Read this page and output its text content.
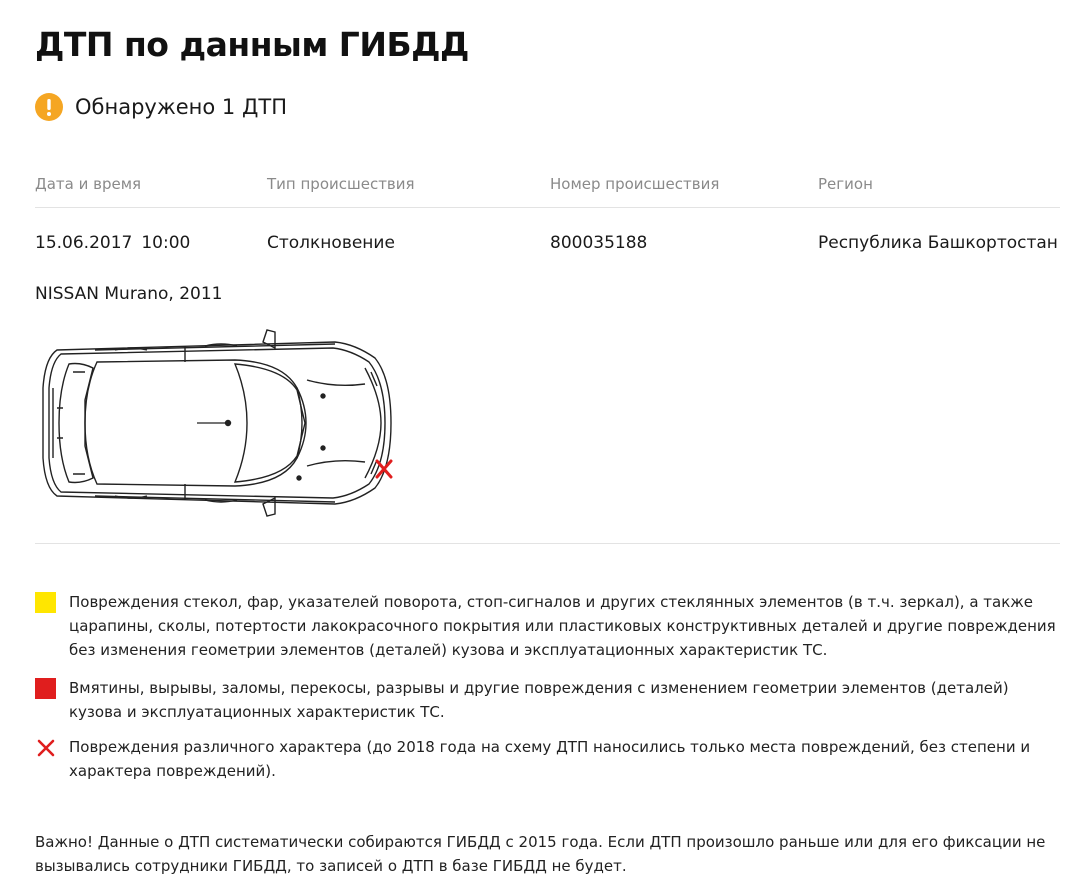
ДТП по данным ГИБДД
Обнаружено 1 ДТП
Дата и время	Тип происшествия	Номер происшествия	Регион
15.06.2017 10:00	Столкновение	800035188	Республика Башкортостан
NISSAN Murano, 2011
Повреждения стекол, фар, указателей поворота, стоп-сигналов и других стеклянных элементов (в т.ч. зеркал), а также царапины, сколы, потертости лакокрасочного покрытия или пластиковых конструктивных деталей и другие повреждения без изменения геометрии элементов (деталей) кузова и эксплуатационных характеристик ТС.
Вмятины, вырывы, заломы, перекосы, разрывы и другие повреждения с изменением геометрии элементов (деталей) кузова и эксплуатационных характеристик ТС.
Повреждения различного характера (до 2018 года на схему ДТП наносились только места повреждений, без степени и характера повреждений).
Важно! Данные о ДТП систематически собираются ГИБДД с 2015 года. Если ДТП произошло раньше или для его фиксации не вызывались сотрудники ГИБДД, то записей о ДТП в базе ГИБДД не будет.
